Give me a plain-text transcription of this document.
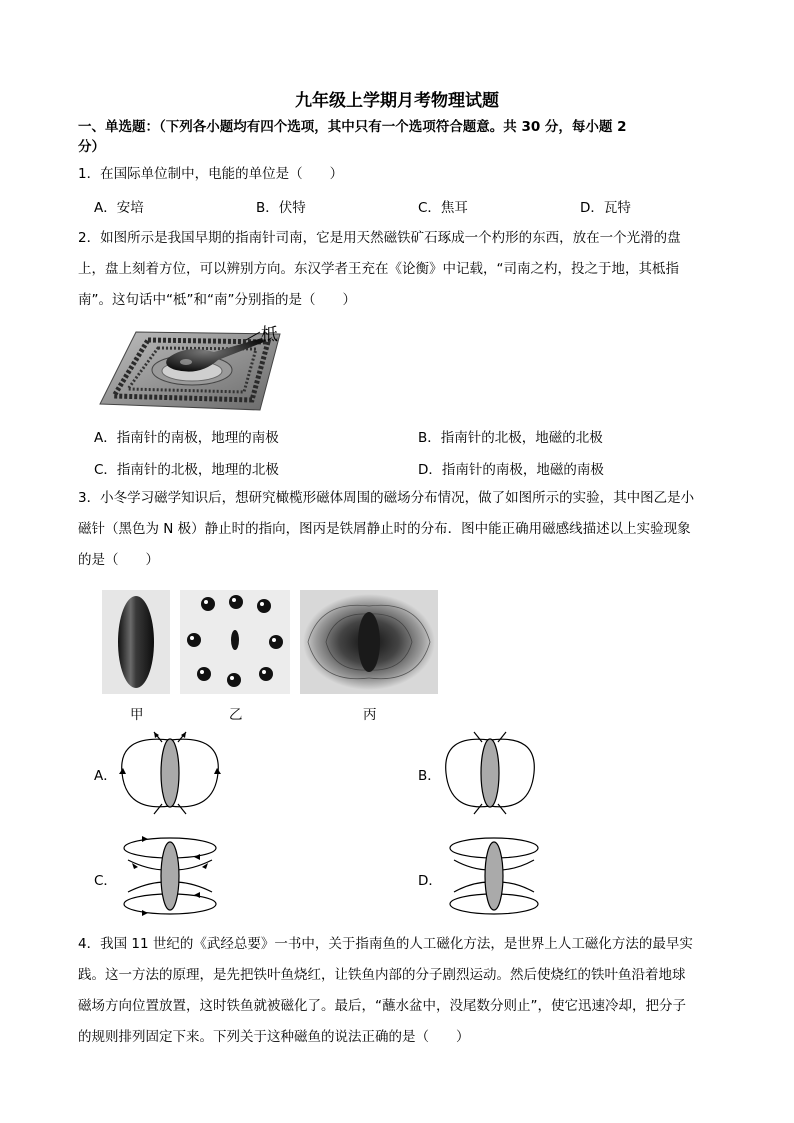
九年级上学期月考物理试题
一、单选题：（下列各小题均有四个选项，其中只有一个选项符合题意。共 30 分，每小题 2
分）
1．在国际单位制中，电能的单位是（　　）
A．安培	B．伏特	C．焦耳	D．瓦特
2．如图所示是我国早期的指南针司南，它是用天然磁铁矿石琢成一个杓形的东西，放在一个光滑的盘
上，盘上刻着方位，可以辨别方向。东汉学者王充在《论衡》中记载，“司南之杓，投之于地，其柢指
南”。这句话中“柢”和“南”分别指的是（　　）
柢
A．指南针的南极，地理的南极	B．指南针的北极，地磁的北极
C．指南针的北极，地理的北极	D．指南针的南极，地磁的南极
3．小冬学习磁学知识后，想研究橄榄形磁体周围的磁场分布情况，做了如图所示的实验，其中图乙是小
磁针（黑色为 N 极）静止时的指向，图丙是铁屑静止时的分布．图中能正确用磁感线描述以上实验现象
的是（　　）
甲	乙	丙
A．	B．
C．	D．
4．我国 11 世纪的《武经总要》一书中，关于指南鱼的人工磁化方法，是世界上人工磁化方法的最早实
践。这一方法的原理，是先把铁叶鱼烧红，让铁鱼内部的分子剧烈运动。然后使烧红的铁叶鱼沿着地球
磁场方向位置放置，这时铁鱼就被磁化了。最后，“蘸水盆中，没尾数分则止”，使它迅速冷却，把分子
的规则排列固定下来。下列关于这种磁鱼的说法正确的是（　　）
